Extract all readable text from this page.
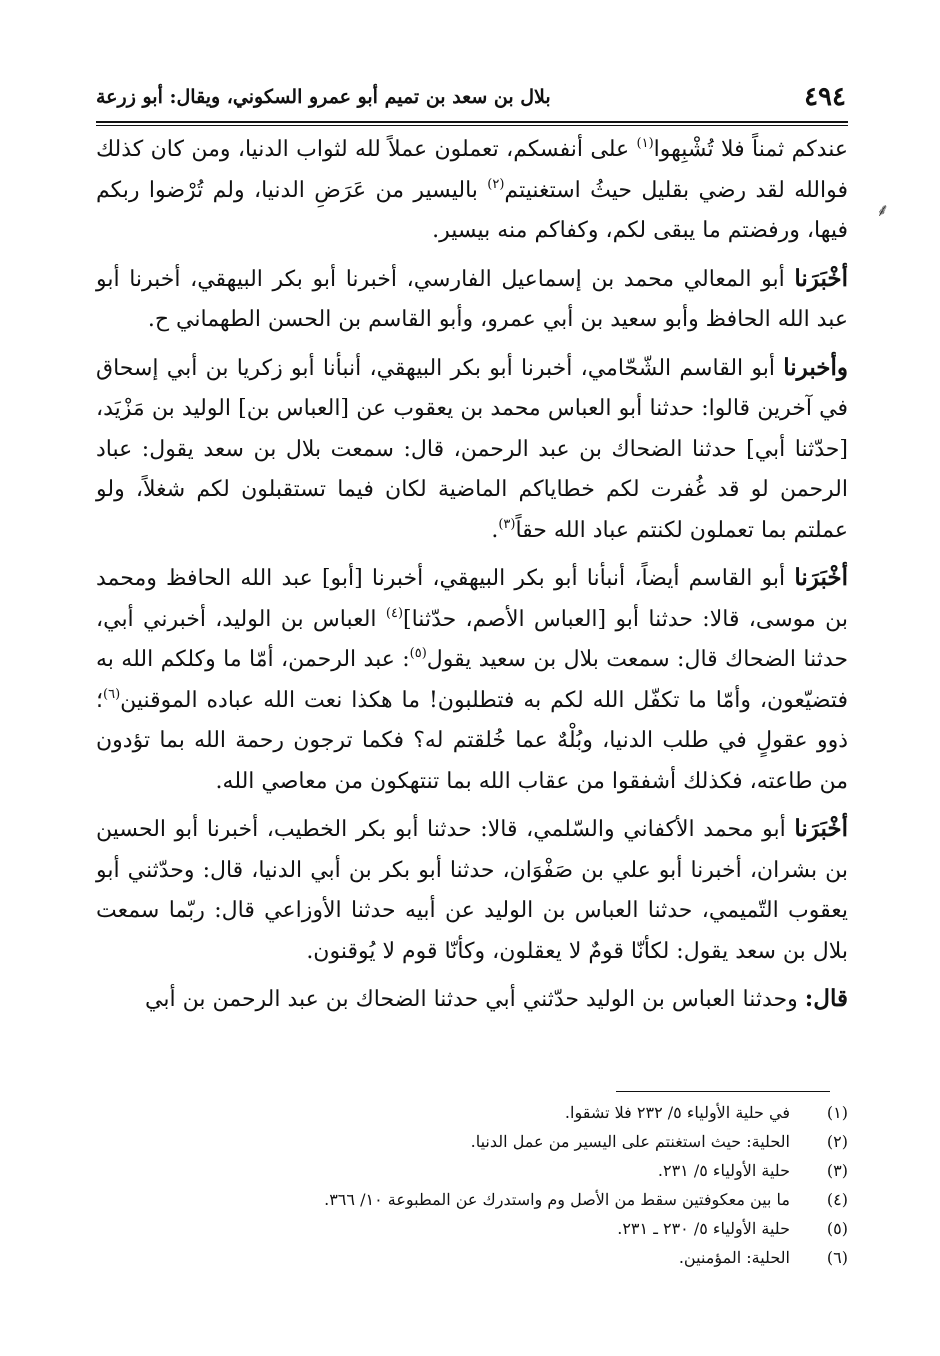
٤٩٤
بلال بن سعد بن تميم أبو عمرو السكوني، ويقال: أبو زرعة
⸙

عندكم ثمناً فلا تُشْبِهوا$^{(١)}$ على أنفسكم، تعملون عملاً لله لثواب الدنيا، ومن كان كذلك فوالله لقد رضي بقليل حيثُ استغنيتم$^{(٢)}$ باليسير من عَرَضِ الدنيا، ولم تُرْضوا ربكم فيها، ورفضتم ما يبقى لكم، وكفاكم منه بيسير.

أخْبَرَنا أبو المعالي محمد بن إسماعيل الفارسي، أخبرنا أبو بكر البيهقي، أخبرنا أبو عبد الله الحافظ وأبو سعيد بن أبي عمرو، وأبو القاسم بن الحسن الطهماني ح.

وأخبرنا أبو القاسم الشّحّامي، أخبرنا أبو بكر البيهقي، أنبأنا أبو زكريا بن أبي إسحاق في آخرين قالوا: حدثنا أبو العباس محمد بن يعقوب عن [العباس بن] الوليد بن مَزْيَد، [حدّثنا أبي] حدثنا الضحاك بن عبد الرحمن، قال: سمعت بلال بن سعد يقول: عباد الرحمن لو قد غُفرت لكم خطاياكم الماضية لكان فيما تستقبلون لكم شغلاً، ولو عملتم بما تعملون لكنتم عباد الله حقاً$^{(٣)}$.

أخْبَرَنا أبو القاسم أيضاً، أنبأنا أبو بكر البيهقي، أخبرنا [أبو] عبد الله الحافظ ومحمد بن موسى، قالا: حدثنا أبو [العباس الأصم، حدّثنا]$^{(٤)}$ العباس بن الوليد، أخبرني أبي، حدثنا الضحاك قال: سمعت بلال بن سعيد يقول$^{(٥)}$: عبد الرحمن، أمّا ما وكلكم الله به فتضيّعون، وأمّا ما تكفّل الله لكم به فتطلبون! ما هكذا نعت الله عباده الموقنين$^{(٦)}$؛ ذوو عقولٍ في طلب الدنيا، وبُلْهٌ عما خُلقتم له؟ فكما ترجون رحمة الله بما تؤدون من طاعته، فكذلك أشفقوا من عقاب الله بما تنتهكون من معاصي الله.

أخْبَرَنا أبو محمد الأكفاني والسّلمي، قالا: حدثنا أبو بكر الخطيب، أخبرنا أبو الحسين بن بشران، أخبرنا أبو علي بن صَفْوَان، حدثنا أبو بكر بن أبي الدنيا، قال: وحدّثني أبو يعقوب التّميمي، حدثنا العباس بن الوليد عن أبيه حدثنا الأوزاعي قال: ربّما سمعت بلال بن سعد يقول: لكأنّا قومٌ لا يعقلون، وكأنّا قوم لا يُوقنون.

قال: وحدثنا العباس بن الوليد حدّثني أبي حدثنا الضحاك بن عبد الرحمن بن أبي

(١)
في حلية الأولياء ٥/ ٢٣٢ فلا تشقوا.
(٢)
الحلية: حيث استغنتم على اليسير من عمل الدنيا.
(٣)
حلية الأولياء ٥/ ٢٣١.
(٤)
ما بين معكوفتين سقط من الأصل وم واستدرك عن المطبوعة ١٠/ ٣٦٦.
(٥)
حلية الأولياء ٥/ ٢٣٠ ـ ٢٣١.
(٦)
الحلية: المؤمنين.
